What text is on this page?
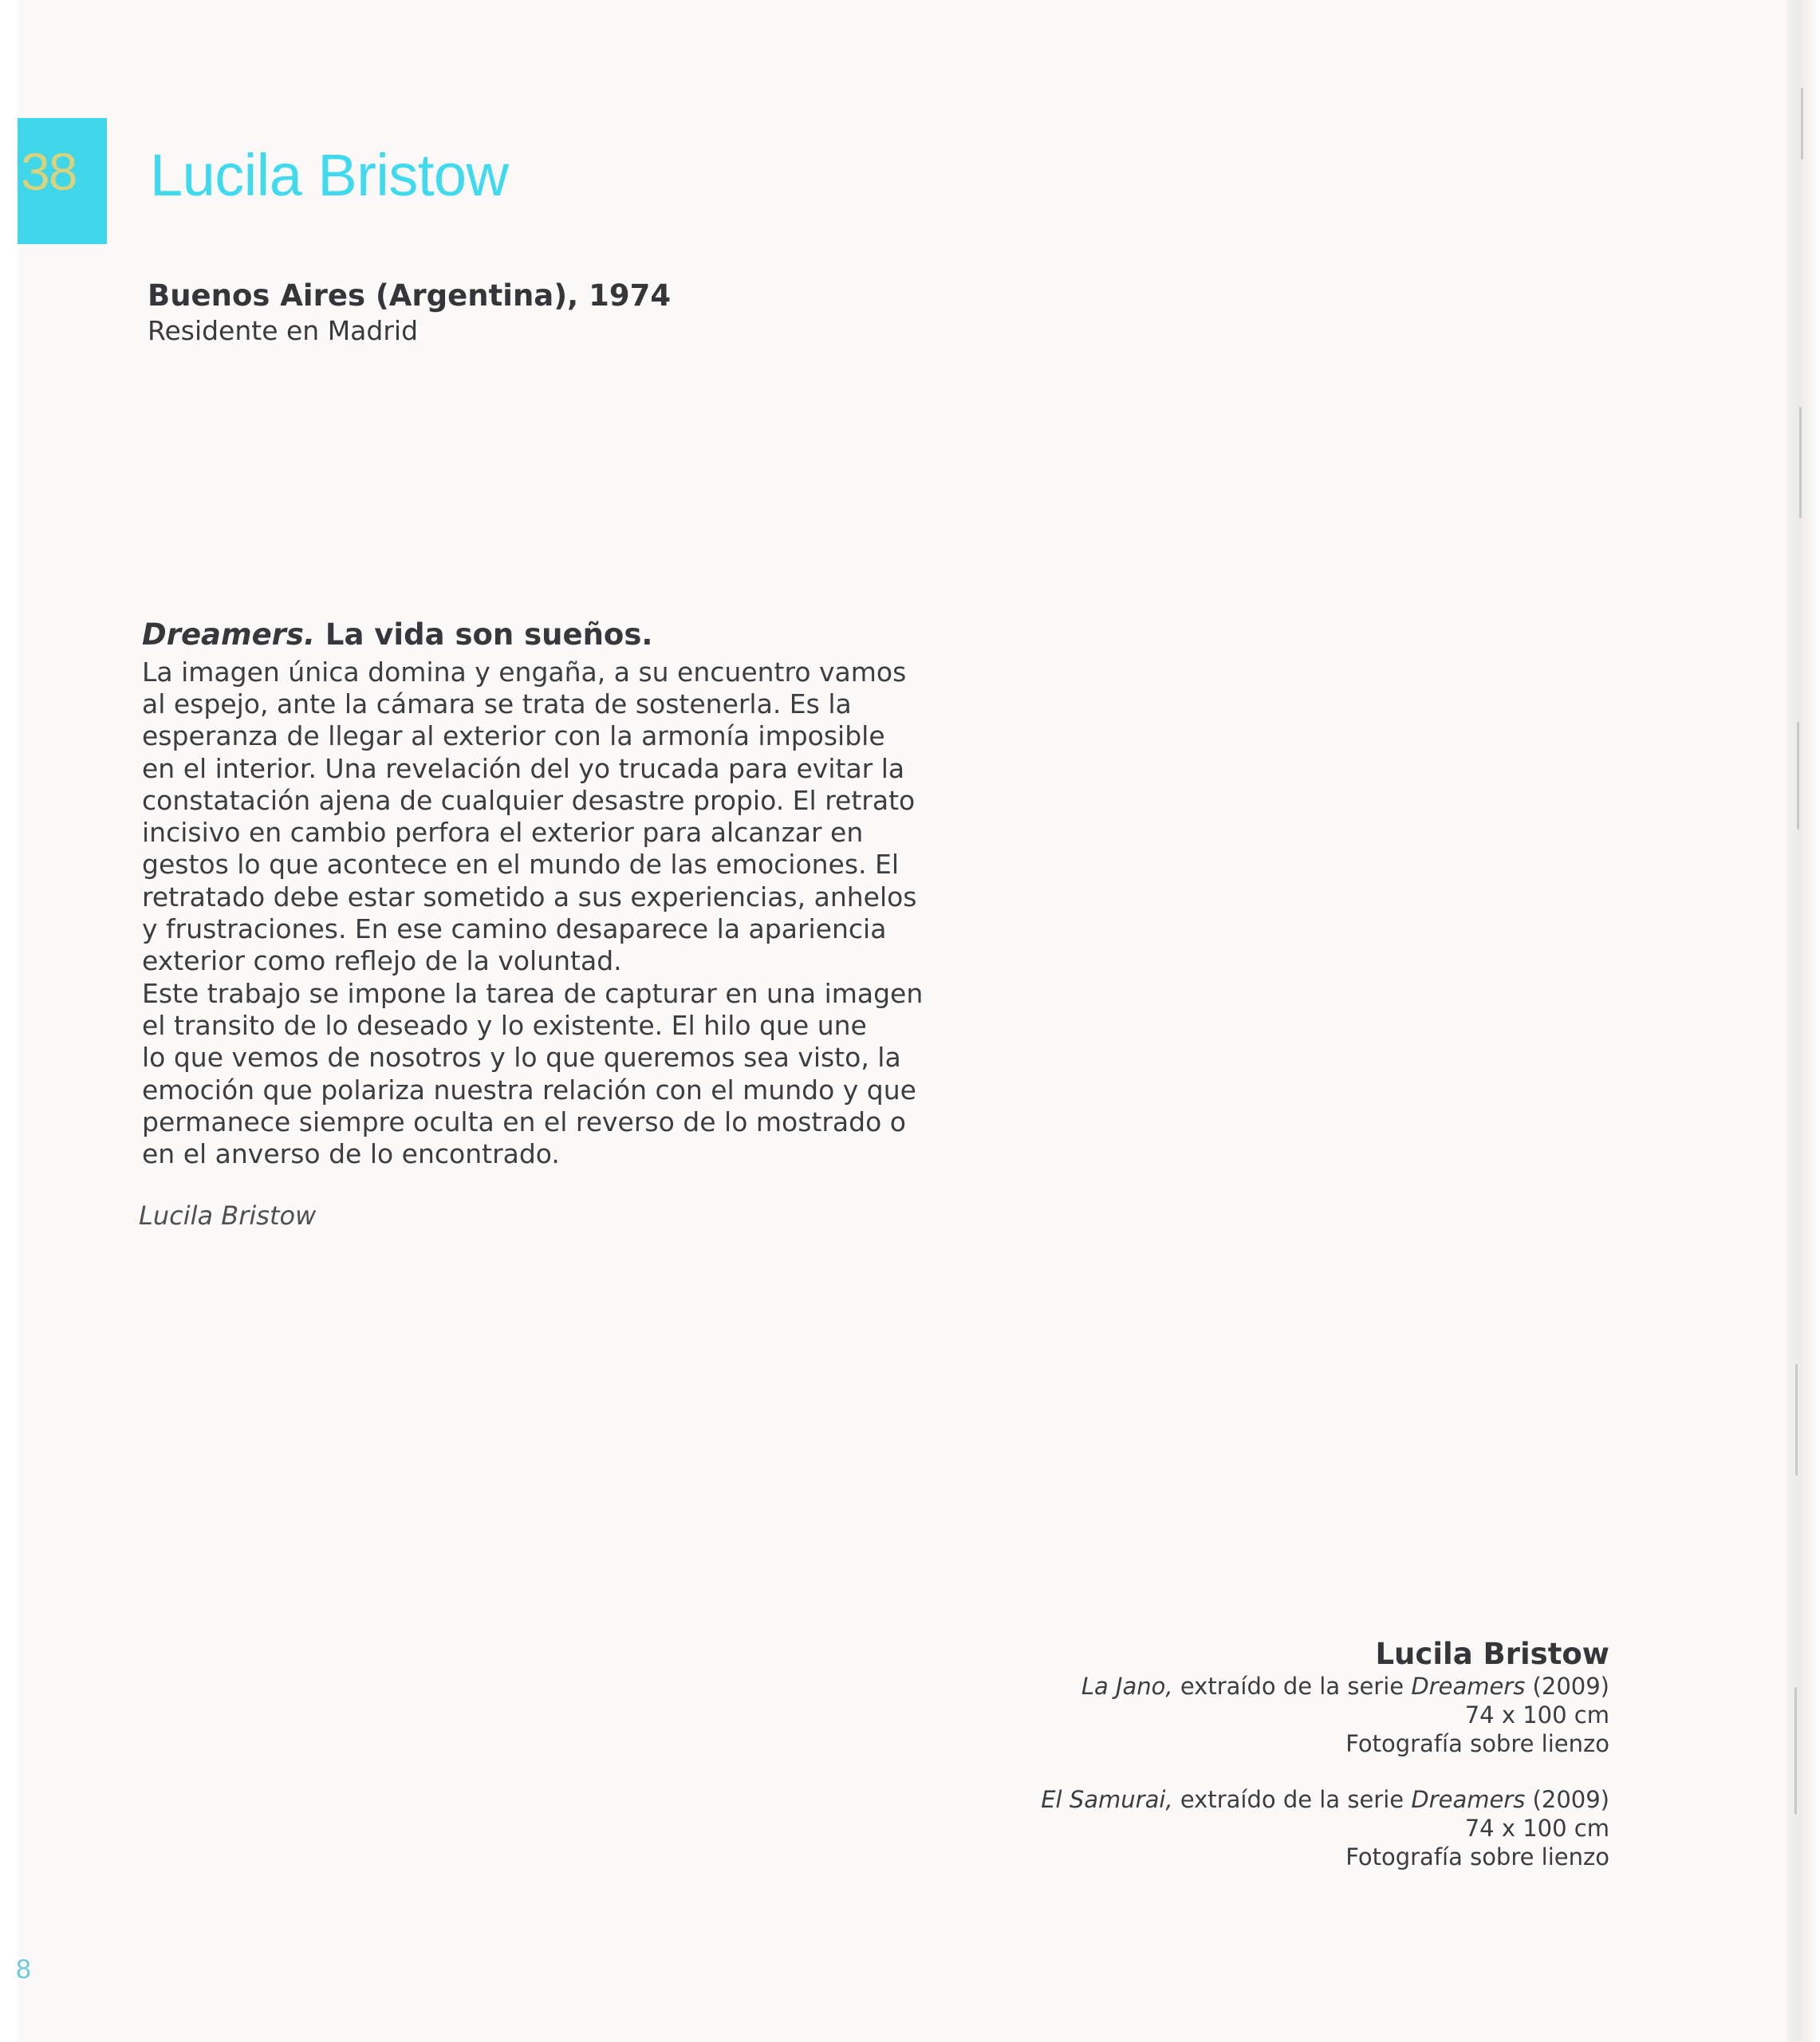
38 Lucila Bristow
Buenos Aires (Argentina), 1974
Residente en Madrid
Dreamers. La vida son sueños.
La imagen única domina y engaña, a su encuentro vamos
al espejo, ante la cámara se trata de sostenerla. Es la
esperanza de llegar al exterior con la armonía imposible
en el interior. Una revelación del yo trucada para evitar la
constatación ajena de cualquier desastre propio. El retrato
incisivo en cambio perfora el exterior para alcanzar en
gestos lo que acontece en el mundo de las emociones. El
retratado debe estar sometido a sus experiencias, anhelos
y frustraciones. En ese camino desaparece la apariencia
exterior como reflejo de la voluntad.
Este trabajo se impone la tarea de capturar en una imagen
el transito de lo deseado y lo existente. El hilo que une
lo que vemos de nosotros y lo que queremos sea visto, la
emoción que polariza nuestra relación con el mundo y que
permanece siempre oculta en el reverso de lo mostrado o
en el anverso de lo encontrado.
Lucila Bristow
Lucila Bristow
La Jano, extraído de la serie Dreamers (2009)
74 x 100 cm
Fotografía sobre lienzo
El Samurai, extraído de la serie Dreamers (2009)
74 x 100 cm
Fotografía sobre lienzo
8
